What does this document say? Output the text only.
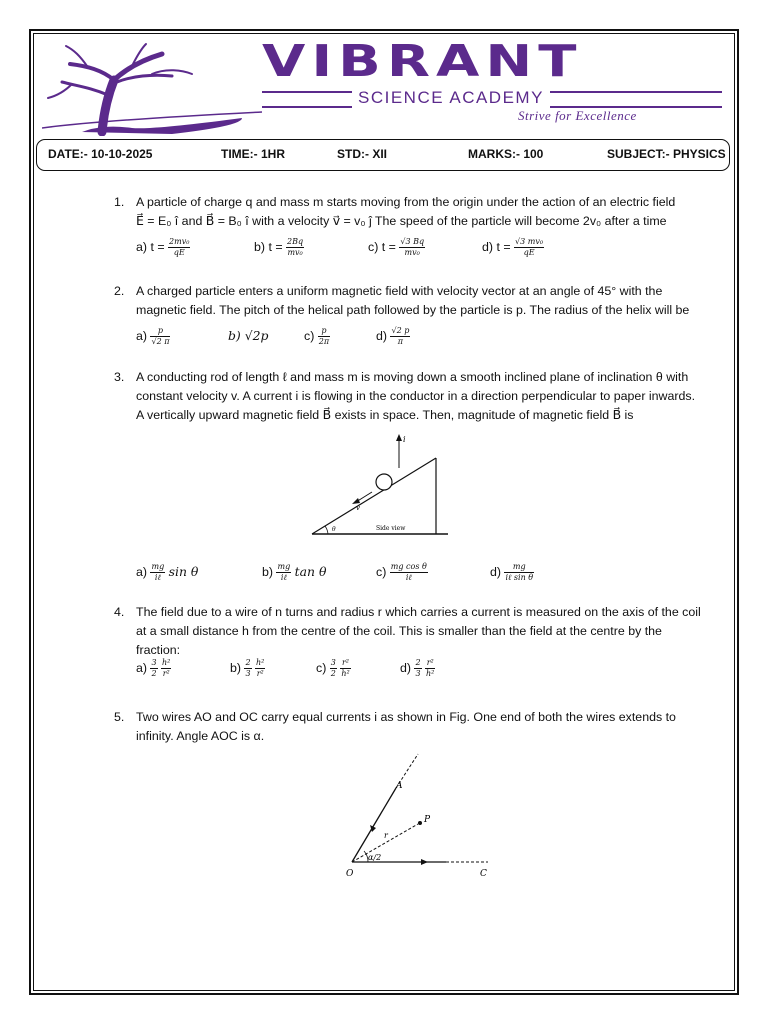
VIBRANT
SCIENCE ACADEMY
Strive for Excellence
DATE:- 10-10-2025	TIME:- 1HR	STD:- XII	MARKS:- 100	SUBJECT:- PHYSICS
1. A particle of charge q and mass m starts moving from the origin under the action of an electric field

E⃗ = E₀ î and B⃗ = B₀ î with a velocity v⃗ = v₀ ĵ The speed of the particle will become 2v₀ after a time

a) $t = \frac{\text{2mv₀}}{qE}$	b) $t = \frac{2Bq}{\text{mv₀}}$	c) $t = \frac{√3 Bq}{\text{mv₀}}$	d) $t = \frac{\text{√3 mv₀}}{qE}$
2. A charged particle enters a uniform magnetic field with velocity vector at an angle of 45° with the

magnetic field. The pitch of the helical path followed by the particle is p. The radius of the helix will be

$a) \frac{p}{√2 \pi}$	b) √2p	$c) \frac{p}{2\pi}$	$d) \frac{√2 p}{\pi}$
3. A conducting rod of length ℓ and mass m is moving down a smooth inclined plane of inclination θ with

constant velocity v. A current i is flowing in the conductor in a direction perpendicular to paper inwards.

A vertically upward magnetic field B⃗ exists in space. Then, magnitude of magnetic field B⃗ is

i
v
θ	Side view
$a) \frac{mg}{\text{iℓ}}$ sin θ	$b) \frac{mg}{\text{iℓ}}$ tan θ	$c) \frac{\text{mg cos θ}}{\text{iℓ}}$	$d) \frac{mg}{\text{iℓ sin θ}}$
4. The field due to a wire of n turns and radius r which carries a current is measured on the axis of the coil

at a small distance h from the centre of the coil. This is smaller than the field at the centre by the

fraction:

$a) \frac{3}{2}$
$\frac{\text{h²}}{\text{r²}}$	$b) \frac{2}{3}$
$\frac{\text{h²}}{\text{r²}}$	$c) \frac{3}{2}$
$\frac{\text{r²}}{\text{h²}}$	$d) \frac{2}{3}$
$\frac{\text{r²}}{\text{h²}}$
5. Two wires AO and OC carry equal currents i as shown in Fig. One end of both the wires extends to

infinity. Angle AOC is α.

A
P
r
α/2
O	C
